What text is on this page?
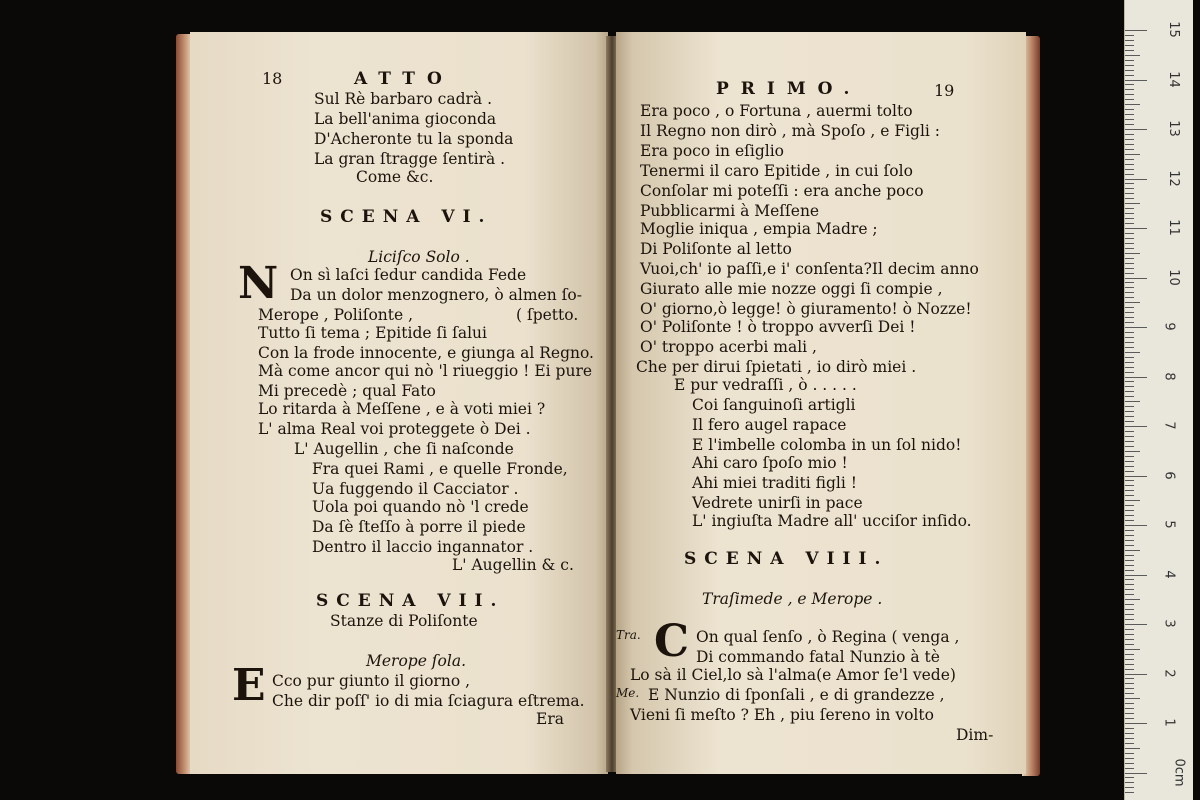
18	ATTO
Sul Rè barbaro cadrà .
La bell'anima gioconda
D'Acheronte tu la sponda
La gran ſtragge ſentirà .
Come &c.
SCENA VI.
Liciſco Solo .
N On sì laſci ſedur candida Fede
Da un dolor menzognero, ò almen ſo-
Merope , Poliſonte ,	( ſpetto.
Tutto ſi tema ; Epitide ſi ſalui
Con la frode innocente, e giunga al Regno.
Mà come ancor qui nò 'l riueggio ! Ei pure
Mi precedè ; qual Fato
Lo ritarda à Meſſene , e à voti miei ?
L' alma Real voi proteggete ò Dei .
L' Augellin , che ſi naſconde
Fra quei Rami , e quelle Fronde,
Ua fuggendo il Cacciator .
Uola poi quando nò 'l crede
Da ſè ſteſſo à porre il piede
Dentro il laccio ingannator .
L' Augellin & c.
SCENA VII.
Stanze di Poliſonte
Merope ſola.
E Cco pur giunto il giorno ,
Che dir poſſ' io di mia ſciagura eſtrema.
Era
PRIMO.	19
Era poco , o Fortuna , auermi tolto
Il Regno non dirò , mà Spoſo , e Figli :
Era poco in eſiglio
Tenermi il caro Epitide , in cui ſolo
Conſolar mi poteſſi : era anche poco
Pubblicarmi à Meſſene
Moglie iniqua , empia Madre ;
Di Poliſonte al letto
Vuoi,ch' io paſſi,e i' conſenta?Il decim anno
Giurato alle mie nozze oggi ſi compie ,
O' giorno,ò legge! ò giuramento! ò Nozze!
O' Poliſonte ! ò troppo avverſi Dei !
O' troppo acerbi mali ,
Che per dirui ſpietati , io dirò miei .
E pur vedraſſi , ò . . . . .
Coi ſanguinoſi artigli
Il fero augel rapace
E l'imbelle colomba in un ſol nido!
Ahi caro ſpoſo mio !
Ahi miei traditi figli !
Vedrete unirſi in pace
L' ingiuſta Madre all' ucciſor inſido.
SCENA VIII.
Traſimede , e Merope .
Tra. C On qual ſenſo , ò Regina ( venga ,
Di commando fatal Nunzio à tè
Lo sà il Ciel,lo sà l'alma(e Amor ſe'l vede)
Me. E Nunzio di ſponſali , e di grandezze ,
Vieni ſi meſto ? Eh , piu ſereno in volto
Dim-
15
14
13
12
11
10
9
8
7
6
5
4
3
2
1
0cm
